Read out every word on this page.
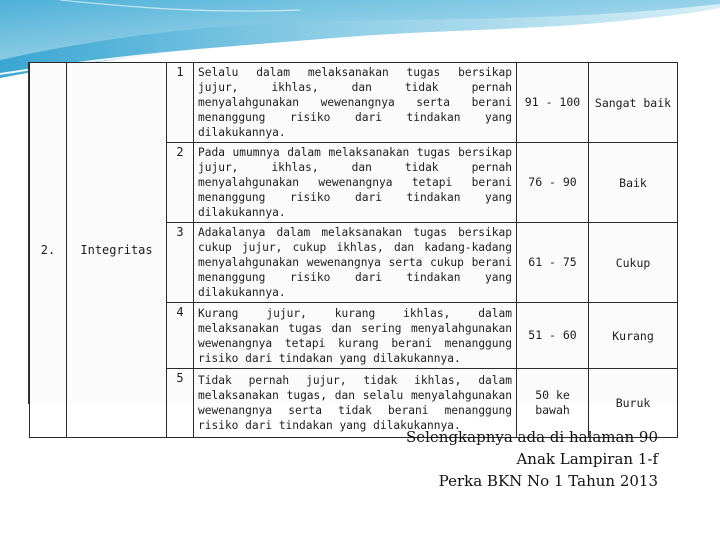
2.	Integritas	1	Selalu dalam melaksanakan tugas bersikap jujur, ikhlas, dan tidak pernah menyalahgunakan wewenangnya serta berani menanggung risiko dari tindakan yang dilakukannya.	91 - 100	Sangat baik
		2	Pada umumnya dalam melaksanakan tugas bersikap jujur, ikhlas, dan tidak pernah menyalahgunakan wewenangnya tetapi berani menanggung risiko dari tindakan yang dilakukannya.	76 - 90	Baik
		3	Adakalanya dalam melaksanakan tugas bersikap cukup jujur, cukup ikhlas, dan kadang-kadang menyalahgunakan wewenangnya serta cukup berani menanggung risiko dari tindakan yang dilakukannya.	61 - 75	Cukup
		4	Kurang jujur, kurang ikhlas, dalam melaksanakan tugas dan sering menyalahgunakan wewenangnya tetapi kurang berani menanggung risiko dari tindakan yang dilakukannya.	51 - 60	Kurang
		5	Tidak pernah jujur, tidak ikhlas, dalam melaksanakan tugas, dan selalu menyalahgunakan wewenangnya serta tidak berani menanggung risiko dari tindakan yang dilakukannya.	50 ke bawah	Buruk
Selengkapnya ada di halaman 90
Anak Lampiran 1-f
Perka BKN No 1 Tahun 2013
